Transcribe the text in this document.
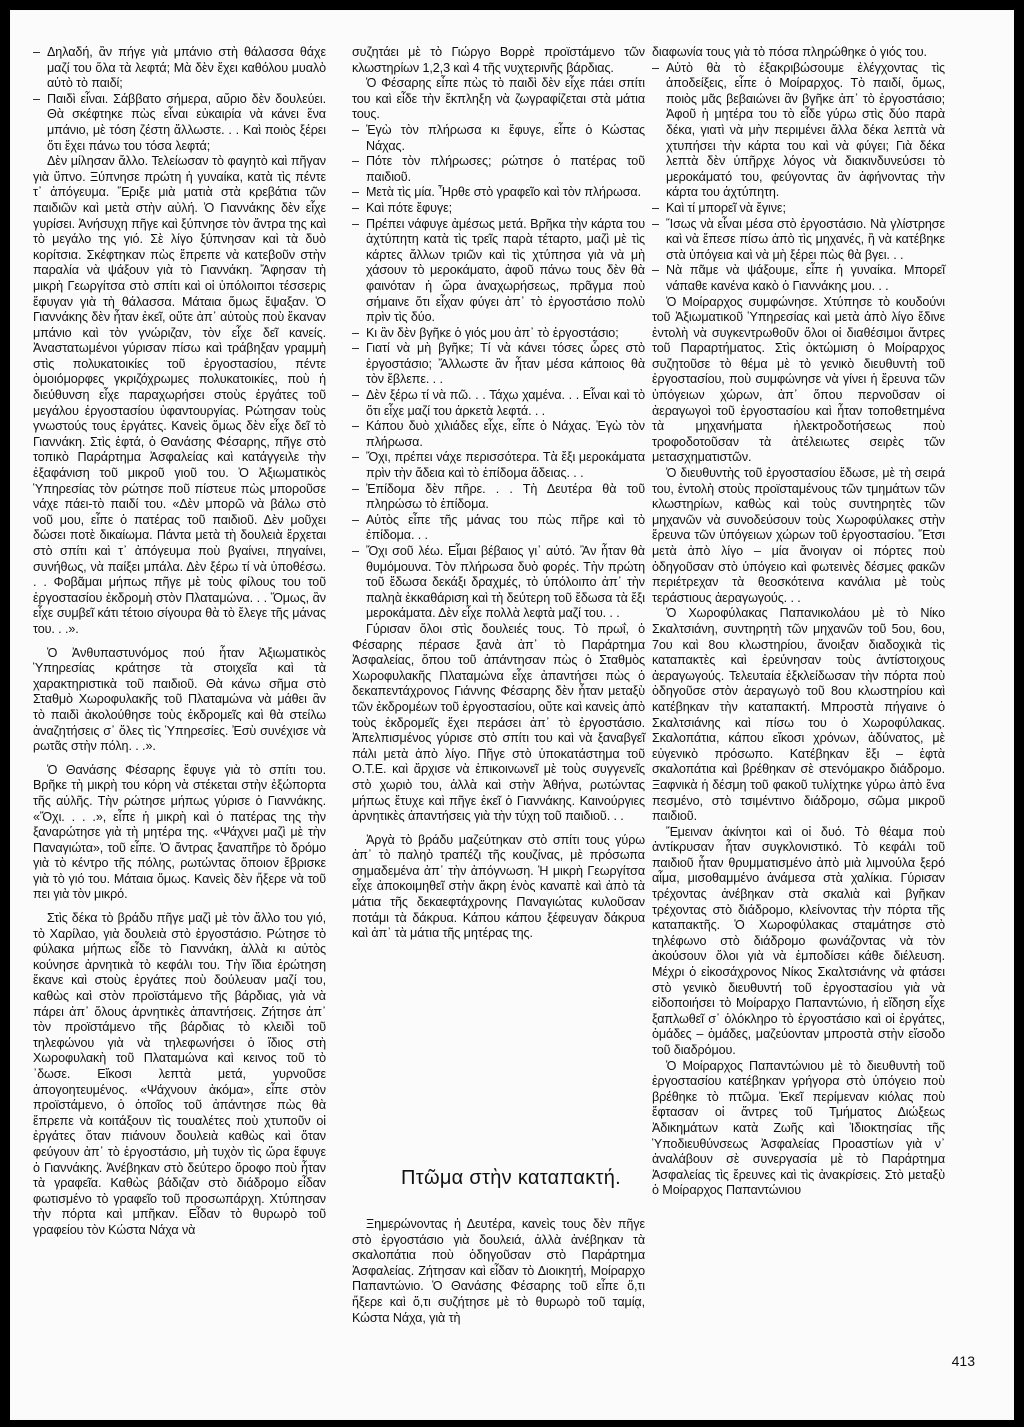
– Δηλαδή, ἂν πήγε γιὰ μπάνιο στὴ θάλασσα θάχε μαζί του ὅλα τὰ λεφτά; Μὰ δὲν ἔχει καθόλου μυαλὸ αὐτὸ τὸ παιδί;

– Παιδὶ εἶναι. Σάββατο σήμερα, αὔριο δὲν δουλεύει. Θὰ σκέφτηκε πὼς εἶναι εὐκαιρία νὰ κάνει ἕνα μπάνιο, μὲ τόση ζέστη ἄλλωστε. . . Καὶ ποιὸς ξέρει ὅτι ἔχει πάνω του τόσα λεφτά;

Δὲν μίλησαν ἄλλο. Τελείωσαν τὸ φαγητὸ καὶ πῆγαν γιὰ ὕπνο. Ξύπνησε πρώτη ἡ γυναίκα, κατὰ τὶς πέντε τ᾽ ἀπόγευμα. Ἔριξε μιὰ ματιὰ στὰ κρεβάτια τῶν παιδιῶν καὶ μετὰ στὴν αὐλή. Ὁ Γιαννάκης δὲν εἶχε γυρίσει. Ἀνήσυχη πῆγε καὶ ξύπνησε τὸν ἄντρα της καὶ τὸ μεγάλο της γιό. Σὲ λίγο ξύπνησαν καὶ τὰ δυὸ κορίτσια. Σκέφτηκαν πὼς ἔπρεπε νὰ κατεβοῦν στὴν παραλία νὰ ψάξουν γιὰ τὸ Γιαννάκη. Ἄφησαν τὴ μικρὴ Γεωργίτσα στὸ σπίτι καὶ οἱ ὑπόλοιποι τέσσερις ἔφυγαν γιὰ τὴ θάλασσα. Μάταια ὅμως ἔψαξαν. Ὁ Γιαννάκης δὲν ἦταν ἐκεῖ, οὔτε ἀπ᾽ αὐτοὺς ποὺ ἔκαναν μπάνιο καὶ τὸν γνώριζαν, τὸν εἶχε δεῖ κανείς. Ἀναστατωμένοι γύρισαν πίσω καὶ τράβηξαν γραμμὴ στὶς πολυκατοικίες τοῦ ἐργοστασίου, πέντε ὁμοιόμορφες γκριζόχρωμες πολυκατοικίες, ποὺ ἡ διεύθυνση εἶχε παραχωρήσει στοὺς ἐργάτες τοῦ μεγάλου ἐργοστασίου ὑφαντουργίας. Ρώτησαν τοὺς γνωστούς τους ἐργάτες. Κανεὶς ὅμως δὲν εἶχε δεῖ τὸ Γιαννάκη. Στὶς ἑφτά, ὁ Θανάσης Φέσαρης, πῆγε στὸ τοπικὸ Παράρτημα Ἀσφαλείας καὶ κατάγγειλε τὴν ἐξαφάνιση τοῦ μικροῦ γιοῦ του. Ὁ Ἀξιωματικὸς Ὑπηρεσίας τὸν ρώτησε ποῦ πίστευε πὼς μποροῦσε νάχε πάει-τὸ παιδί του. «Δὲν μπορῶ νὰ βάλω στὸ νοῦ μου, εἶπε ὁ πατέρας τοῦ παιδιοῦ. Δὲν μοῦχει δώσει ποτὲ δικαίωμα. Πάντα μετὰ τὴ δουλειὰ ἔρχεται στὸ σπίτι καὶ τ᾽ ἀπόγευμα ποὺ βγαίνει, πηγαίνει, συνήθως, νὰ παίξει μπάλα. Δὲν ξέρω τί νὰ ὑποθέσω. . . Φοβᾶμαι μήπως πῆγε μὲ τοὺς φίλους του τοῦ ἐργοστασίου ἐκδρομὴ στὸν Πλαταμώνα. . . Ὅμως, ἂν εἶχε συμβεῖ κάτι τέτοιο σίγουρα θὰ τὸ ἔλεγε τῆς μάνας του. . .».

Ὁ Ἀνθυπαστυνόμος πού ἦταν Ἀξιωματικὸς Ὑπηρεσίας κράτησε τὰ στοιχεῖα καὶ τὰ χαρακτηριστικὰ τοῦ παιδιοῦ. Θὰ κάνω σῆμα στὸ Σταθμὸ Χωροφυλακῆς τοῦ Πλαταμώνα νὰ μάθει ἂν τὸ παιδὶ ἀκολούθησε τοὺς ἐκδρομεῖς καὶ θὰ στείλω ἀναζητήσεις σ᾽ ὅλες τὶς Ὑπηρεσίες. Ἐσὺ συνέχισε νὰ ρωτᾶς στὴν πόλη. . .».

Ὁ Θανάσης Φέσαρης ἔφυγε γιὰ τὸ σπίτι του. Βρῆκε τὴ μικρὴ του κόρη νὰ στέκεται στὴν ἐξώπορτα τῆς αὐλῆς. Τὴν ρώτησε μήπως γύρισε ὁ Γιαννάκης. «Ὄχι. . . .», εἶπε ἡ μικρὴ καὶ ὁ πατέρας της τὴν ξαναρώτησε γιὰ τὴ μητέρα της. «Ψάχνει μαζὶ μὲ τὴν Παναγιώτα», τοῦ εἶπε. Ὁ ἄντρας ξαναπῆρε τὸ δρόμο γιὰ τὸ κέντρο τῆς πόλης, ρωτώντας ὅποιον ἔβρισκε γιὰ τὸ γιό του. Μάταια ὅμως. Κανεὶς δὲν ἤξερε νὰ τοῦ πει γιὰ τὸν μικρό.

Στὶς δέκα τὸ βράδυ πῆγε μαζὶ μὲ τὸν ἄλλο του γιό, τὸ Χαρίλαο, γιὰ δουλειὰ στὸ ἐργοστάσιο. Ρώτησε τὸ φύλακα μήπως εἶδε τὸ Γιαννάκη, ἀλλὰ κι αὐτὸς κούνησε ἀρνητικὰ τὸ κεφάλι του. Τὴν ἴδια ἐρώτηση ἔκανε καὶ στοὺς ἐργάτες ποὺ δούλευαν μαζί του, καθὼς καὶ στὸν προϊστάμενο τῆς βάρδιας, γιὰ νὰ πάρει ἀπ᾽ ὅλους ἀρνητικὲς ἀπαντήσεις. Ζήτησε ἀπ᾽ τὸν προϊστάμενο τῆς βάρδιας τὸ κλειδὶ τοῦ τηλεφώνου γιὰ νὰ τηλεφωνήσει ὁ ἴδιος στὴ Χωροφυλακὴ τοῦ Πλαταμώνα καὶ κεινος τοῦ τὸ ᾽δωσε. Εἴκοσι λεπτὰ μετά, γυρνοῦσε ἀπογοητευμένος. «Ψάχνουν ἀκόμα», εἶπε στὸν προϊστάμενο, ὁ ὁποῖος τοῦ ἀπάντησε πὼς θὰ ἔπρεπε νὰ κοιτάξουν τὶς τουαλέτες ποὺ χτυποῦν οἱ ἐργάτες ὅταν πιάνουν δουλειὰ καθὼς καὶ ὅταν φεύγουν ἀπ᾽ τὸ ἐργοστάσιο, μὴ τυχὸν τὶς ὥρα ἔφυγε ὁ Γιαννάκης. Ἀνέβηκαν στὸ δεύτερο ὄροφο ποὺ ἦταν τὰ γραφεῖα. Καθὼς βάδιζαν στὸ διάδρομο εἶδαν φωτισμένο τὸ γραφεῖο τοῦ προσωπάρχη. Χτύπησαν τὴν πόρτα καὶ μπῆκαν. Εἶδαν τὸ θυρωρὸ τοῦ γραφείου τὸν Κώστα Νάχα νὰ

συζητάει μὲ τὸ Γιώργο Βορρὲ προϊστάμενο τῶν κλωστηρίων 1,2,3 καὶ 4 τῆς νυχτερινῆς βάρδιας.

Ὁ Φέσαρης εἶπε πὼς τὸ παιδὶ δὲν εἶχε πάει σπίτι του καὶ εἶδε τὴν ἔκπληξη νὰ ζωγραφίζεται στὰ μάτια τους.

– Ἐγὼ τὸν πλήρωσα κι ἔφυγε, εἶπε ὁ Κώστας Νάχας.

– Πότε τὸν πλήρωσες; ρώτησε ὁ πατέρας τοῦ παιδιοῦ.

– Μετὰ τὶς μία. Ἦρθε στὸ γραφεῖο καὶ τὸν πλήρωσα.

– Καὶ πότε ἔφυγε;

– Πρέπει νάφυγε ἀμέσως μετά. Βρῆκα τὴν κάρτα του ἀχτύπητη κατὰ τὶς τρεῖς παρὰ τέταρτο, μαζὶ μὲ τὶς κάρτες ἄλλων τριῶν καὶ τὶς χτύπησα γιὰ νὰ μὴ χάσουν τὸ μεροκάματο, ἀφοῦ πάνω τους δὲν θὰ φαινόταν ἡ ὥρα ἀναχωρήσεως, πρᾶγμα ποὺ σήμαινε ὅτι εἶχαν φύγει ἀπ᾽ τὸ ἐργοστάσιο πολὺ πρὶν τὶς δύο.

– Κι ἂν δὲν βγῆκε ὁ γιός μου ἀπ᾽ τὸ ἐργοστάσιο;

– Γιατί νὰ μὴ βγῆκε; Τί νὰ κάνει τόσες ὧρες στὸ ἐργοστάσιο; Ἄλλωστε ἂν ἦταν μέσα κάποιος θὰ τὸν ἔβλεπε. . .

– Δὲν ξέρω τί νὰ πῶ. . . Τάχω χαμένα. . . Εἶναι καὶ τὸ ὅτι εἶχε μαζί του ἀρκετὰ λεφτά. . .

– Κάπου δυὸ χιλιάδες εἶχε, εἶπε ὁ Νάχας. Ἐγὼ τὸν πλήρωσα.

– Ὄχι, πρέπει νάχε περισσότερα. Τὰ ἔξι μεροκάματα πρὶν τὴν ἄδεια καὶ τὸ ἐπίδομα ἄδειας. . .

– Ἐπίδομα δὲν πῆρε. . . Τὴ Δευτέρα θὰ τοῦ πληρώσω τὸ ἐπίδομα.

– Αὐτὸς εἶπε τῆς μάνας του πὼς πῆρε καὶ τὸ ἐπίδομα. . .

– Ὄχι σοῦ λέω. Εἶμαι βέβαιος γι᾽ αὐτό. Ἂν ἦταν θὰ θυμόμουνα. Τὸν πλήρωσα δυὸ φορές. Τὴν πρώτη τοῦ ἔδωσα δεκάξι δραχμές, τὸ ὑπόλοιπο ἀπ᾽ τὴν παληὰ ἐκκαθάριση καὶ τὴ δεύτερη τοῦ ἔδωσα τὰ ἔξι μεροκάματα. Δὲν εἶχε πολλὰ λεφτὰ μαζί του. . .

Γύρισαν ὅλοι στὶς δουλειές τους. Τὸ πρωΐ, ὁ Φέσαρης πέρασε ξανὰ ἀπ᾽ τὸ Παράρτημα Ἀσφαλείας, ὅπου τοῦ ἀπάντησαν πὼς ὁ Σταθμὸς Χωροφυλακῆς Πλαταμώνα εἶχε ἀπαντήσει πὼς ὁ δεκαπεντάχρονος Γιάννης Φέσαρης δὲν ἦταν μεταξὺ τῶν ἐκδρομέων τοῦ ἐργοστασίου, οὔτε καὶ κανεὶς ἀπὸ τοὺς ἐκδρομεῖς ἔχει περάσει ἀπ᾽ τὸ ἐργοστάσιο. Ἀπελπισμένος γύρισε στὸ σπίτι του καὶ νὰ ξαναβγεῖ πάλι μετὰ ἀπὸ λίγο. Πῆγε στὸ ὑποκατάστημα τοῦ Ο.Τ.Ε. καὶ ἄρχισε νὰ ἐπικοινωνεῖ μὲ τοὺς συγγενεῖς στὸ χωριὸ του, ἀλλὰ καὶ στὴν Ἀθήνα, ρωτώντας μήπως ἔτυχε καὶ πῆγε ἐκεῖ ὁ Γιαννάκης. Καινούργιες ἀρνητικὲς ἀπαντήσεις γιὰ τὴν τύχη τοῦ παιδιοῦ. . .

Ἀργὰ τὸ βράδυ μαζεύτηκαν στὸ σπίτι τους γύρω ἀπ᾽ τὸ παληὸ τραπέζι τῆς κουζίνας, μὲ πρόσωπα σημαδεμένα ἀπ᾽ τὴν ἀπόγνωση. Ἡ μικρὴ Γεωργίτσα εἶχε ἀποκοιμηθεῖ στὴν ἄκρη ἑνὸς καναπὲ καὶ ἀπὸ τὰ μάτια τῆς δεκαεφτάχρονης Παναγιώτας κυλοῦσαν ποτάμι τὰ δάκρυα. Κάπου κάπου ξέφευγαν δάκρυα καὶ ἀπ᾽ τὰ μάτια τῆς μητέρας της.

Πτῶμα στὴν καταπακτή.

Ξημερώνοντας ἡ Δευτέρα, κανεὶς τους δὲν πῆγε στὸ ἐργοστάσιο γιὰ δουλειά, ἀλλὰ ἀνέβηκαν τὰ σκαλοπάτια ποὺ ὁδηγοῦσαν στὸ Παράρτημα Ἀσφαλείας. Ζήτησαν καὶ εἶδαν τὸ Διοικητή, Μοίραρχο Παπαντώνιο. Ὁ Θανάσης Φέσαρης τοῦ εἶπε ὅ,τι ἤξερε καὶ ὅ,τι συζήτησε μὲ τὸ θυρωρὸ τοῦ ταμίᾳ, Κώστα Νάχα, γιὰ τὴ

διαφωνία τους γιὰ τὸ πόσα πληρώθηκε ὁ γιός του.

– Αὐτὸ θὰ τὸ ἐξακριβώσουμε ἐλέγχοντας τὶς ἀποδείξεις, εἶπε ὁ Μοίραρχος. Τὸ παιδί, ὅμως, ποιὸς μᾶς βεβαιώνει ἂν βγῆκε ἀπ᾽ τὸ ἐργοστάσιο; Ἀφοῦ ἡ μητέρα του τὸ εἶδε γύρω στὶς δύο παρὰ δέκα, γιατὶ νὰ μὴν περιμένει ἄλλα δέκα λεπτὰ νὰ χτυπήσει τὴν κάρτα του καὶ νὰ φύγει; Γιὰ δέκα λεπτὰ δὲν ὑπῆρχε λόγος νὰ διακινδυνεύσει τὸ μεροκάματό του, φεύγοντας ἂν ἀφήνοντας τὴν κάρτα του ἀχτύπητη.

– Καὶ τί μπορεῖ νὰ ἔγινε;

– Ἴσως νὰ εἶναι μέσα στὸ ἐργοστάσιο. Νὰ γλίστρησε καὶ νὰ ἔπεσε πίσω ἀπὸ τὶς μηχανές, ἢ νὰ κατέβηκε στὰ ὑπόγεια καὶ νὰ μὴ ξέρει πὼς θὰ βγει. . .

– Νὰ πᾶμε νὰ ψάξουμε, εἶπε ἡ γυναίκα. Μπορεῖ νάπαθε κανένα κακὸ ὁ Γιαννάκης μου. . .

Ὁ Μοίραρχος συμφώνησε. Χτύπησε τὸ κουδούνι τοῦ Ἀξιωματικοῦ Ὑπηρεσίας καὶ μετὰ ἀπὸ λίγο ἔδινε ἐντολὴ νὰ συγκεντρωθοῦν ὅλοι οἱ διαθέσιμοι ἄντρες τοῦ Παραρτήματος. Στὶς ὀκτώμιση ὁ Μοίραρχος συζητοῦσε τὸ θέμα μὲ τὸ γενικὸ διευθυντὴ τοῦ ἐργοστασίου, ποὺ συμφώνησε νὰ γίνει ἡ ἔρευνα τῶν ὑπόγειων χώρων, ἀπ᾽ ὅπου περνοῦσαν οἱ ἀεραγωγοὶ τοῦ ἐργοστασίου καὶ ἦταν τοποθετημένα τὰ μηχανήματα ἠλεκτροδοτήσεως ποὺ τροφοδοτοῦσαν τὰ ἀτέλειωτες σειρὲς τῶν μετασχηματιστῶν.

Ὁ διευθυντὴς τοῦ ἐργοστασίου ἔδωσε, μὲ τὴ σειρά του, ἐντολὴ στοὺς προϊσταμένους τῶν τμημάτων τῶν κλωστηρίων, καθὼς καὶ τοὺς συντηρητὲς τῶν μηχανῶν νὰ συνοδεύσουν τοὺς Χωροφύλακες στὴν ἔρευνα τῶν ὑπόγειων χώρων τοῦ ἐργοστασίου. Ἔτσι μετὰ ἀπὸ λίγο – μία ἄνοιγαν οἱ πόρτες ποὺ ὁδηγοῦσαν στὸ ὑπόγειο καὶ φωτεινὲς δέσμες φακῶν περιέτρεχαν τὰ θεοσκότεινα κανάλια μὲ τοὺς τεράστιους ἀεραγωγούς. . .

Ὁ Χωροφύλακας Παπανικολάου μὲ τὸ Νίκο Σκαλτσιάνη, συντηρητὴ τῶν μηχανῶν τοῦ 5ου, 6ου, 7ου καὶ 8ου κλωστηρίου, ἄνοιξαν διαδοχικὰ τὶς καταπακτὲς καὶ ἐρεύνησαν τοὺς ἀντίστοιχους ἀεραγωγούς. Τελευταία ἐξκλείδωσαν τὴν πόρτα ποὺ ὁδηγοῦσε στὸν ἀεραγωγὸ τοῦ 8ου κλωστηρίου καὶ κατέβηκαν τὴν καταπακτή. Μπροστὰ πήγαινε ὁ Σκαλτσιάνης καὶ πίσω του ὁ Χωροφύλακας. Σκαλοπάτια, κάπου εἴκοσι χρόνων, ἀδύνατος, μὲ εὐγενικὸ πρόσωπο. Κατέβηκαν ἔξι – ἑφτὰ σκαλοπάτια καὶ βρέθηκαν σὲ στενόμακρο διάδρομο. Ξαφνικὰ ἡ δέσμη τοῦ φακοῦ τυλίχτηκε γύρω ἀπὸ ἕνα πεσμένο, στὸ τσιμέντινο διάδρομο, σῶμα μικροῦ παιδιοῦ.

Ἔμειναν ἀκίνητοι καὶ οἱ δυό. Τὸ θέαμα ποὺ ἀντίκρυσαν ἦταν συγκλονιστικό. Τὸ κεφάλι τοῦ παιδιοῦ ἦταν θρυμματισμένο ἀπὸ μιὰ λιμνούλα ξερό αἷμα, μισοθαμμένο ἀνάμεσα στὰ χαλίκια. Γύρισαν τρέχοντας ἀνέβηκαν στὰ σκαλιὰ καὶ βγῆκαν τρέχοντας στὸ διάδρομο, κλείνοντας τὴν πόρτα τῆς καταπακτῆς. Ὁ Χωροφύλακας σταμάτησε στὸ τηλέφωνο στὸ διάδρομο φωνάζοντας νὰ τὸν ἀκούσουν ὅλοι γιὰ νὰ ἐμποδίσει κάθε διέλευση. Μέχρι ὁ εἰκοσάχρονος Νίκος Σκαλτσιάνης νὰ φτάσει στὸ γενικὸ διευθυντή τοῦ ἐργοστασίου γιὰ νὰ εἰδοποιήσει τὸ Μοίραρχο Παπαντώνιο, ἡ εἴδηση εἶχε ξαπλωθεῖ σ᾽ ὁλόκληρο τὸ ἐργοστάσιο καὶ οἱ ἐργάτες, ὁμάδες – ὁμάδες, μαζεύονταν μπροστὰ στὴν εἴσοδο τοῦ διαδρόμου.

Ὁ Μοίραρχος Παπαντώνιου μὲ τὸ διευθυντὴ τοῦ ἐργοστασίου κατέβηκαν γρήγορα στὸ ὑπόγειο ποὺ βρέθηκε τὸ πτῶμα. Ἐκεῖ περίμεναν κιόλας ποὺ ἔφτασαν οἱ ἄντρες τοῦ Τμήματος Διώξεως Ἀδικημάτων κατὰ Ζωῆς καὶ Ἰδιοκτησίας τῆς Ὑποδιευθύνσεως Ἀσφαλείας Προαστίων γιὰ ν᾽ ἀναλάβουν σὲ συνεργασία μὲ τὸ Παράρτημα Ἀσφαλείας τὶς ἔρευνες καὶ τὶς ἀνακρίσεις. Στὸ μεταξὺ ὁ Μοίραρχος Παπαντώνιου

413
